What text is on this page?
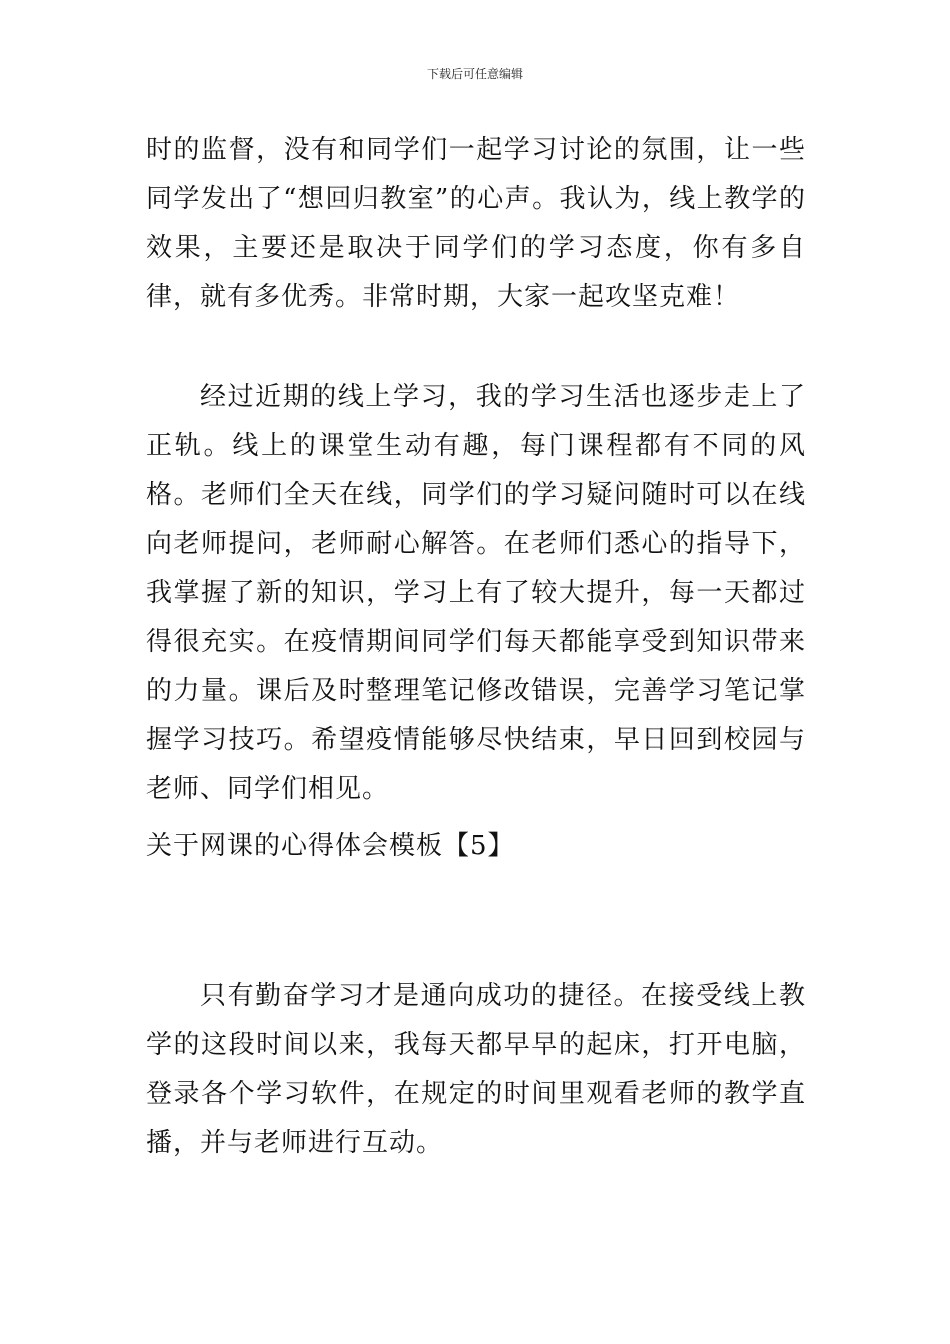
下载后可任意编辑

时的监督，没有和同学们一起学习讨论的氛围，让一些同学发出了“想回归教室”的心声。我认为，线上教学的效果，主要还是取决于同学们的学习态度，你有多自律，就有多优秀。非常时期，大家一起攻坚克难！

经过近期的线上学习，我的学习生活也逐步走上了正轨。线上的课堂生动有趣，每门课程都有不同的风格。老师们全天在线，同学们的学习疑问随时可以在线向老师提问，老师耐心解答。在老师们悉心的指导下，我掌握了新的知识，学习上有了较大提升，每一天都过得很充实。在疫情期间同学们每天都能享受到知识带来的力量。课后及时整理笔记修改错误，完善学习笔记掌握学习技巧。希望疫情能够尽快结束，早日回到校园与老师、同学们相见。

关于网课的心得体会模板【5】

只有勤奋学习才是通向成功的捷径。在接受线上教学的这段时间以来，我每天都早早的起床，打开电脑，登录各个学习软件，在规定的时间里观看老师的教学直播，并与老师进行互动。
